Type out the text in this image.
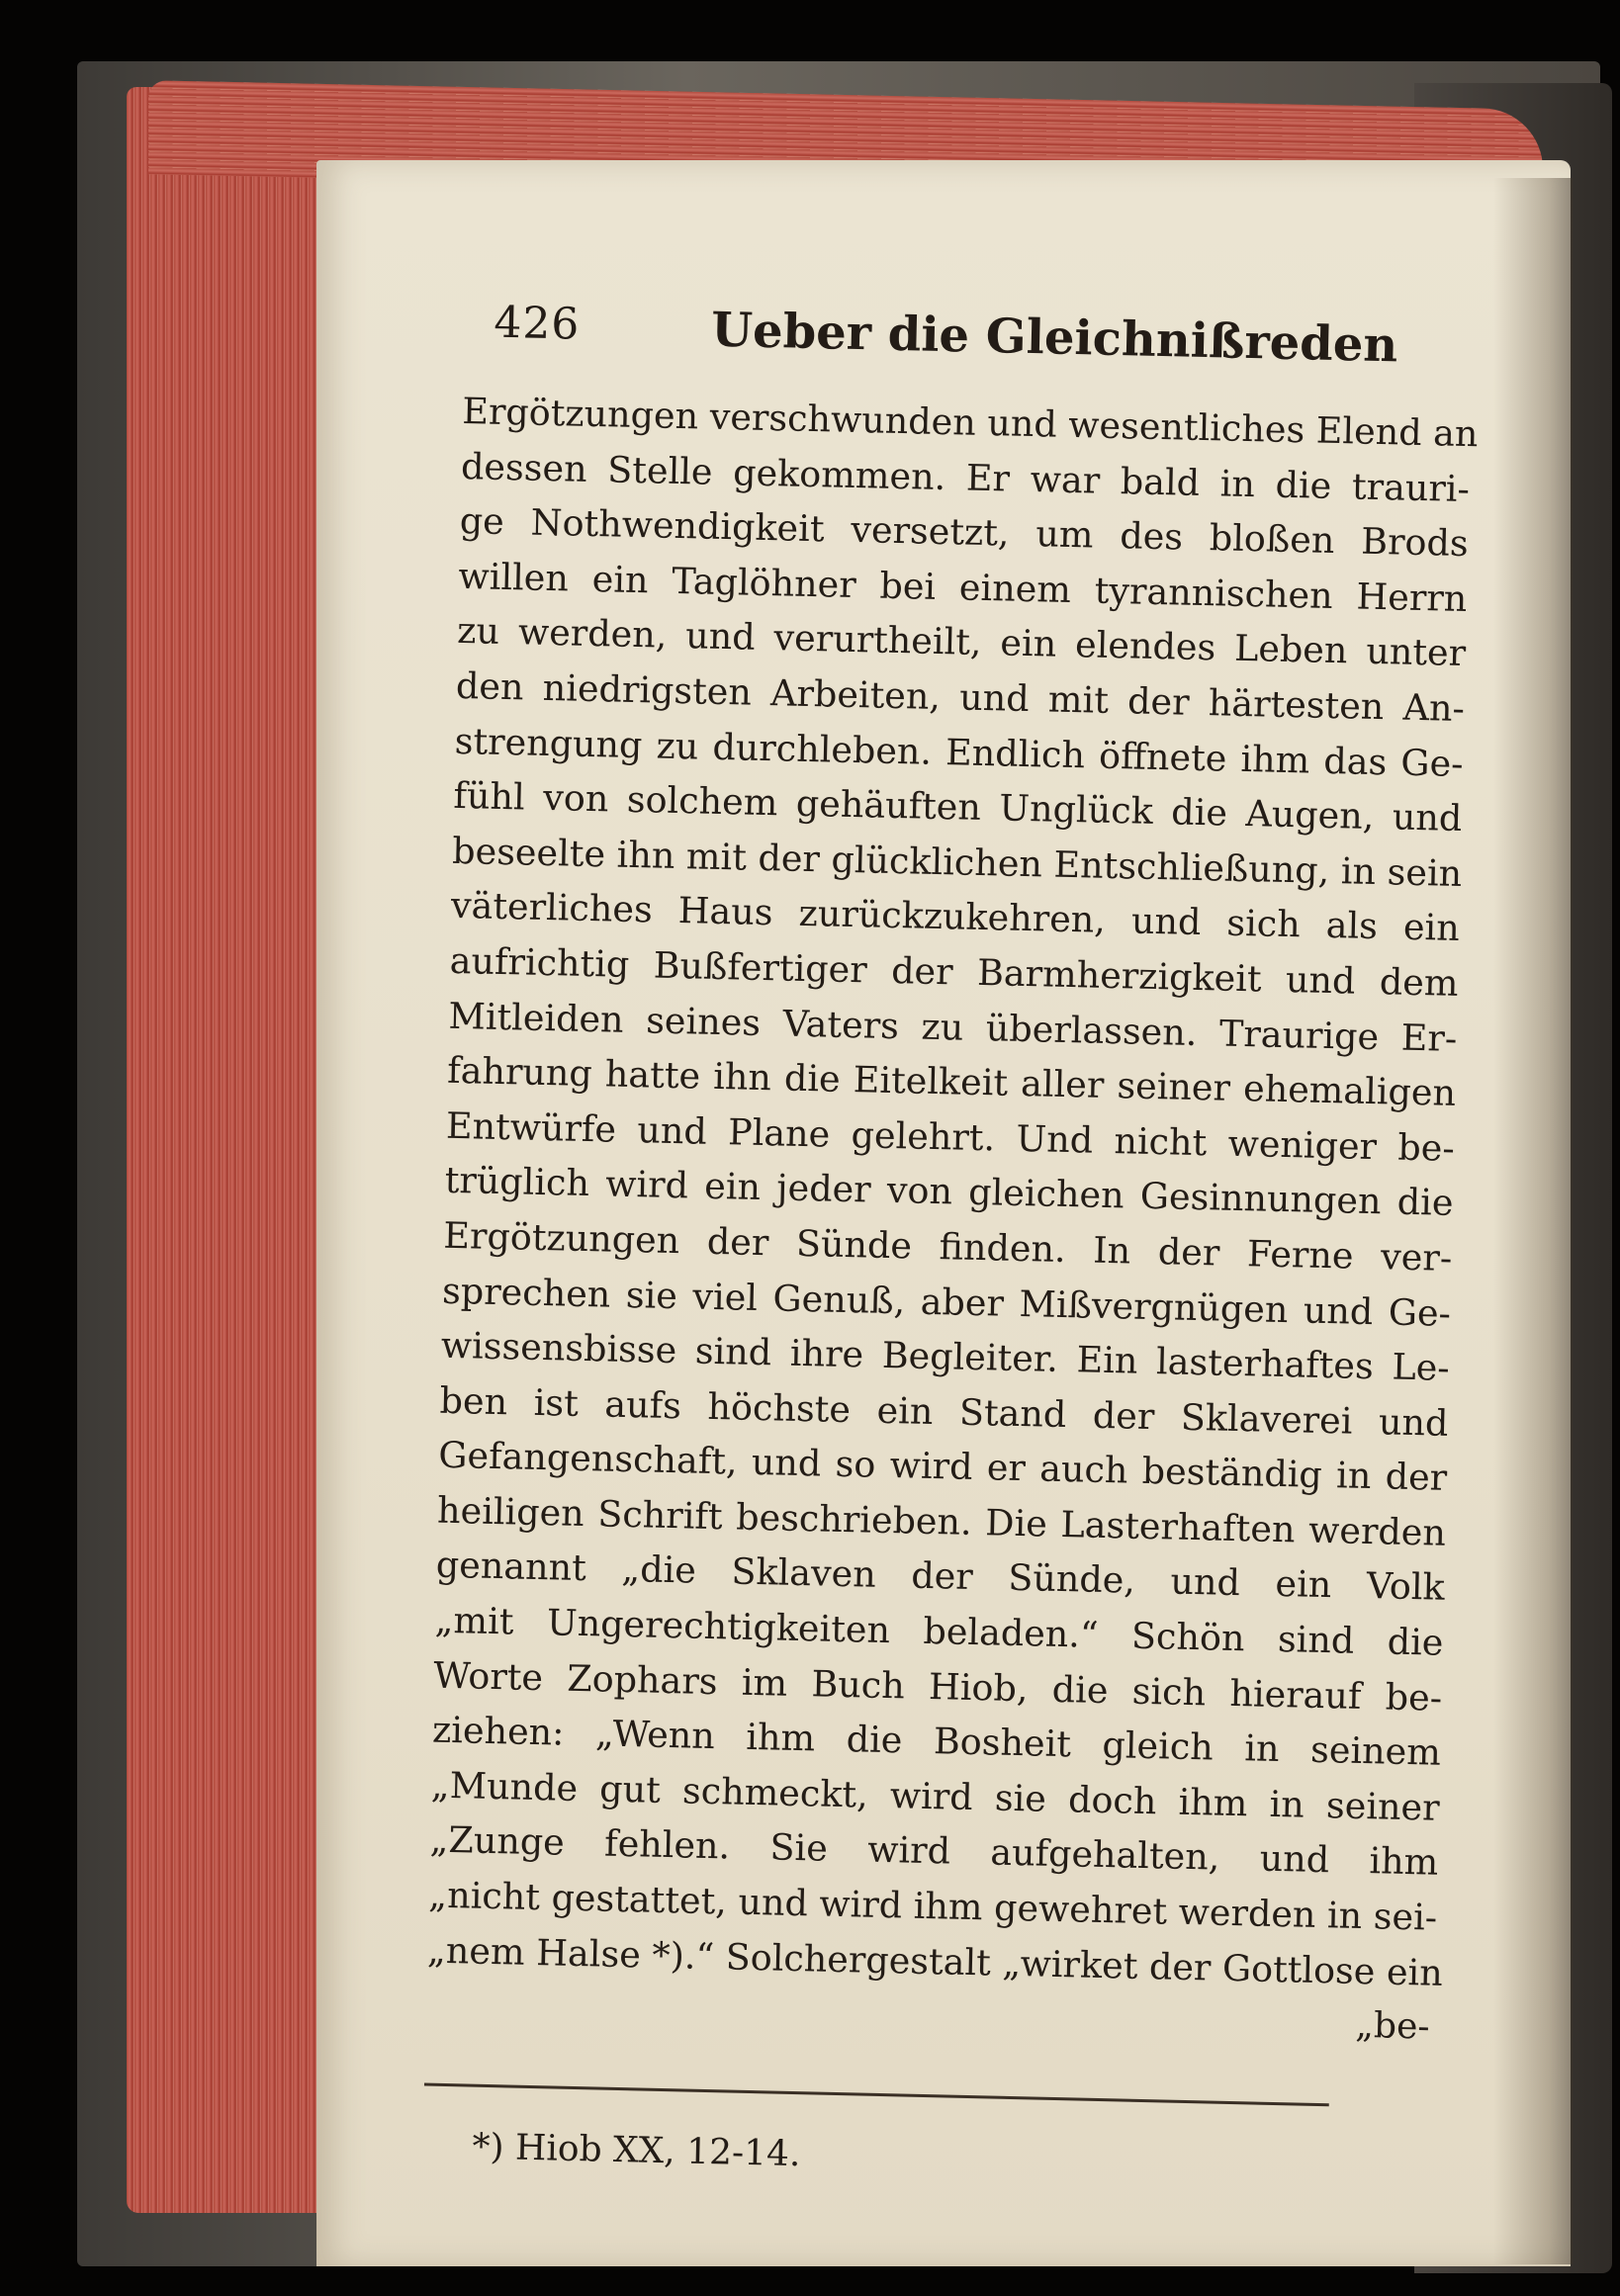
426	Ueber die Gleichnißreden
Ergötzungen verschwunden und wesentliches Elend an
dessen Stelle gekommen. Er war bald in die trauri-
ge Nothwendigkeit versetzt, um des bloßen Brods
willen ein Taglöhner bei einem tyrannischen Herrn
zu werden, und verurtheilt, ein elendes Leben unter
den niedrigsten Arbeiten, und mit der härtesten An-
strengung zu durchleben. Endlich öffnete ihm das Ge-
fühl von solchem gehäuften Unglück die Augen, und
beseelte ihn mit der glücklichen Entschließung, in sein
väterliches Haus zurückzukehren, und sich als ein
aufrichtig Bußfertiger der Barmherzigkeit und dem
Mitleiden seines Vaters zu überlassen. Traurige Er-
fahrung hatte ihn die Eitelkeit aller seiner ehemaligen
Entwürfe und Plane gelehrt. Und nicht weniger be-
trüglich wird ein jeder von gleichen Gesinnungen die
Ergötzungen der Sünde finden. In der Ferne ver-
sprechen sie viel Genuß, aber Mißvergnügen und Ge-
wissensbisse sind ihre Begleiter. Ein lasterhaftes Le-
ben ist aufs höchste ein Stand der Sklaverei und
Gefangenschaft, und so wird er auch beständig in der
heiligen Schrift beschrieben. Die Lasterhaften werden
genannt „die Sklaven der Sünde, und ein Volk
„mit Ungerechtigkeiten beladen.“ Schön sind die
Worte Zophars im Buch Hiob, die sich hierauf be-
ziehen: „Wenn ihm die Bosheit gleich in seinem
„Munde gut schmeckt, wird sie doch ihm in seiner
„Zunge fehlen. Sie wird aufgehalten, und ihm
„nicht gestattet, und wird ihm gewehret werden in sei-
„nem Halse *).“ Solchergestalt „wirket der Gottlose ein
„be-
*) Hiob XX, 12-14.
